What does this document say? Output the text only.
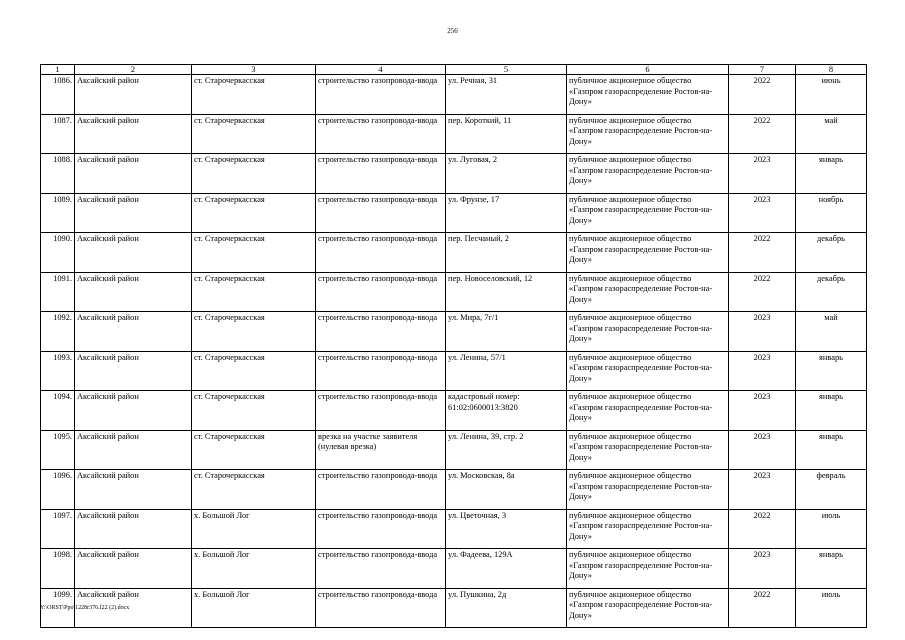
256
1	2	3	4	5	6	7	8
1086.	Аксайский район	ст. Старочеркасская	строительство газопровода-ввода	ул. Речная, 31	публичное акционерное общество «Газпром газораспределение Ростов-на-Дону»	2022	июнь
1087.	Аксайский район	ст. Старочеркасская	строительство газопровода-ввода	пер. Короткий, 11	публичное акционерное общество «Газпром газораспределение Ростов-на-Дону»	2022	май
1088.	Аксайский район	ст. Старочеркасская	строительство газопровода-ввода	ул. Луговая, 2	публичное акционерное общество «Газпром газораспределение Ростов-на-Дону»	2023	январь
1089.	Аксайский район	ст. Старочеркасская	строительство газопровода-ввода	ул. Фрунзе, 17	публичное акционерное общество «Газпром газораспределение Ростов-на-Дону»	2023	ноябрь
1090.	Аксайский район	ст. Старочеркасская	строительство газопровода-ввода	пер. Песчаный, 2	публичное акционерное общество «Газпром газораспределение Ростов-на-Дону»	2022	декабрь
1091.	Аксайский район	ст. Старочеркасская	строительство газопровода-ввода	пер. Новоселовский, 12	публичное акционерное общество «Газпром газораспределение Ростов-на-Дону»	2022	декабрь
1092.	Аксайский район	ст. Старочеркасская	строительство газопровода-ввода	ул. Мира, 7г/1	публичное акционерное общество «Газпром газораспределение Ростов-на-Дону»	2023	май
1093.	Аксайский район	ст. Старочеркасская	строительство газопровода-ввода	ул. Ленина, 57/1	публичное акционерное общество «Газпром газораспределение Ростов-на-Дону»	2023	январь
1094.	Аксайский район	ст. Старочеркасская	строительство газопровода-ввода	кадастровый номер: 61:02:0600013:3820	публичное акционерное общество «Газпром газораспределение Ростов-на-Дону»	2023	январь
1095.	Аксайский район	ст. Старочеркасская	врезка на участке заявителя (нулевая врезка)	ул. Ленина, 39, стр. 2	публичное акционерное общество «Газпром газораспределение Ростов-на-Дону»	2023	январь
1096.	Аксайский район	ст. Старочеркасская	строительство газопровода-ввода	ул. Московская, 8а	публичное акционерное общество «Газпром газораспределение Ростов-на-Дону»	2023	февраль
1097.	Аксайский район	х. Большой Лог	строительство газопровода-ввода	ул. Цветочная, 3	публичное акционерное общество «Газпром газораспределение Ростов-на-Дону»	2022	июль
1098.	Аксайский район	х. Большой Лог	строительство газопровода-ввода	ул. Фадеева, 129А	публичное акционерное общество «Газпром газораспределение Ростов-на-Дону»	2023	январь
1099.	Аксайский район	х. Большой Лог	строительство газопровода-ввода	ул. Пушкина, 2д	публичное акционерное общество «Газпром газораспределение Ростов-на-Дону»	2022	июль
Y:\ORST\Ppo\1228r376.f22 (2).docx
